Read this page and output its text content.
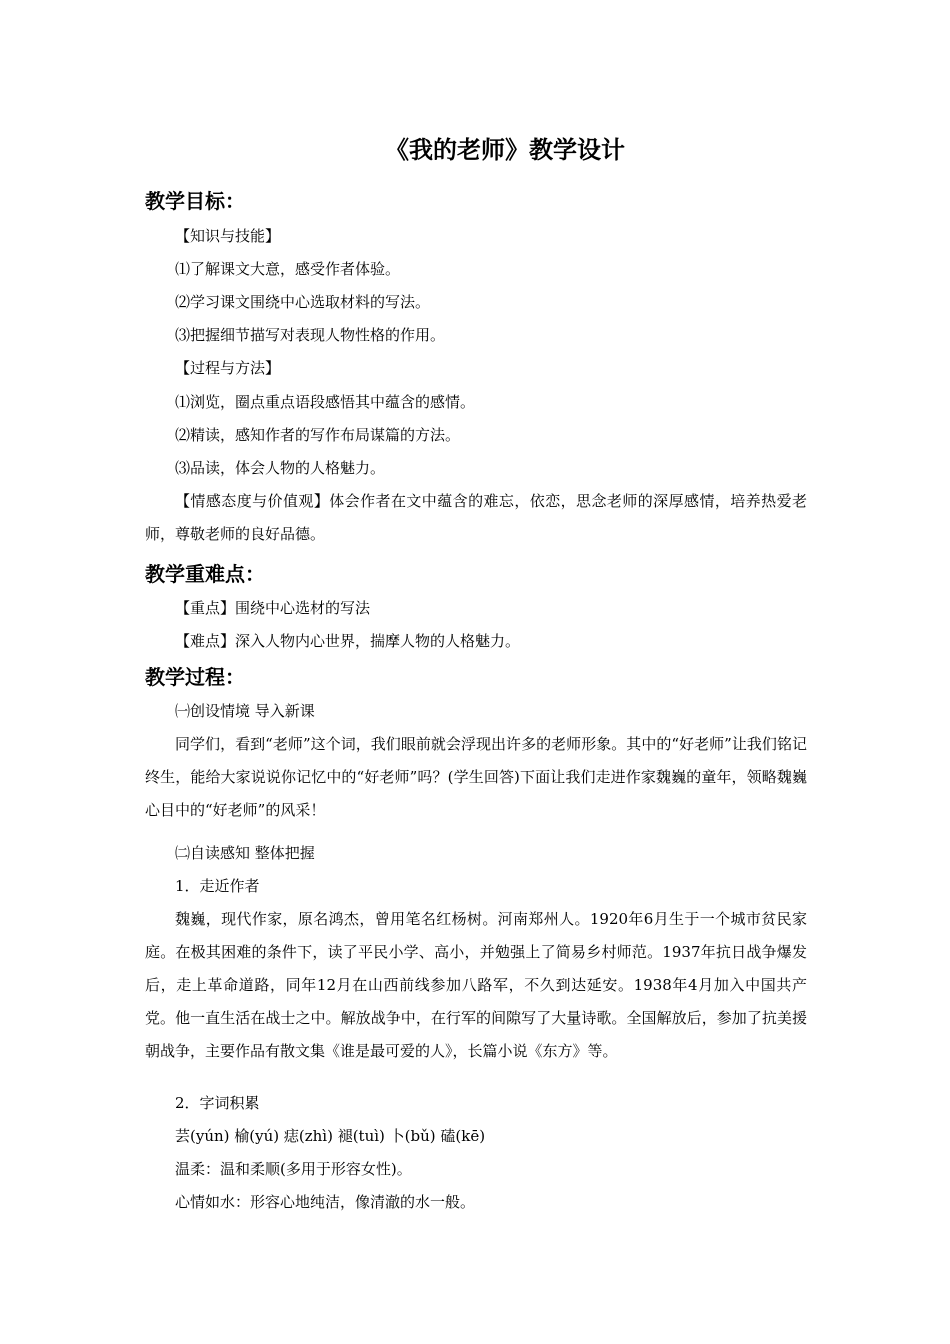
《我的老师》教学设计
教学目标：
【知识与技能】
⑴了解课文大意，感受作者体验。
⑵学习课文围绕中心选取材料的写法。
⑶把握细节描写对表现人物性格的作用。
【过程与方法】
⑴浏览，圈点重点语段感悟其中蕴含的感情。
⑵精读，感知作者的写作布局谋篇的方法。
⑶品读，体会人物的人格魅力。
【情感态度与价值观】体会作者在文中蕴含的难忘，依恋，思念老师的深厚感情，培养热爱老师，尊敬老师的良好品德。
教学重难点：
【重点】围绕中心选材的写法
【难点】深入人物内心世界，揣摩人物的人格魅力。
教学过程：
㈠创设情境 导入新课
同学们，看到“老师”这个词，我们眼前就会浮现出许多的老师形象。其中的“好老师”让我们铭记终生，能给大家说说你记忆中的“好老师”吗？(学生回答)下面让我们走进作家魏巍的童年，领略魏巍心目中的“好老师”的风采！
㈡自读感知 整体把握
1．走近作者
魏巍，现代作家，原名鸿杰，曾用笔名红杨树。河南郑州人。1920年6月生于一个城市贫民家庭。在极其困难的条件下，读了平民小学、高小，并勉强上了简易乡村师范。1937年抗日战争爆发后，走上革命道路，同年12月在山西前线参加八路军，不久到达延安。1938年4月加入中国共产党。他一直生活在战士之中。解放战争中，在行军的间隙写了大量诗歌。全国解放后，参加了抗美援朝战争，主要作品有散文集《谁是最可爱的人》，长篇小说《东方》等。
2．字词积累
芸(yún) 榆(yú) 痣(zhì) 褪(tuì) 卜(bǔ) 磕(kē)
温柔：温和柔顺(多用于形容女性)。
心情如水：形容心地纯洁，像清澈的水一般。
